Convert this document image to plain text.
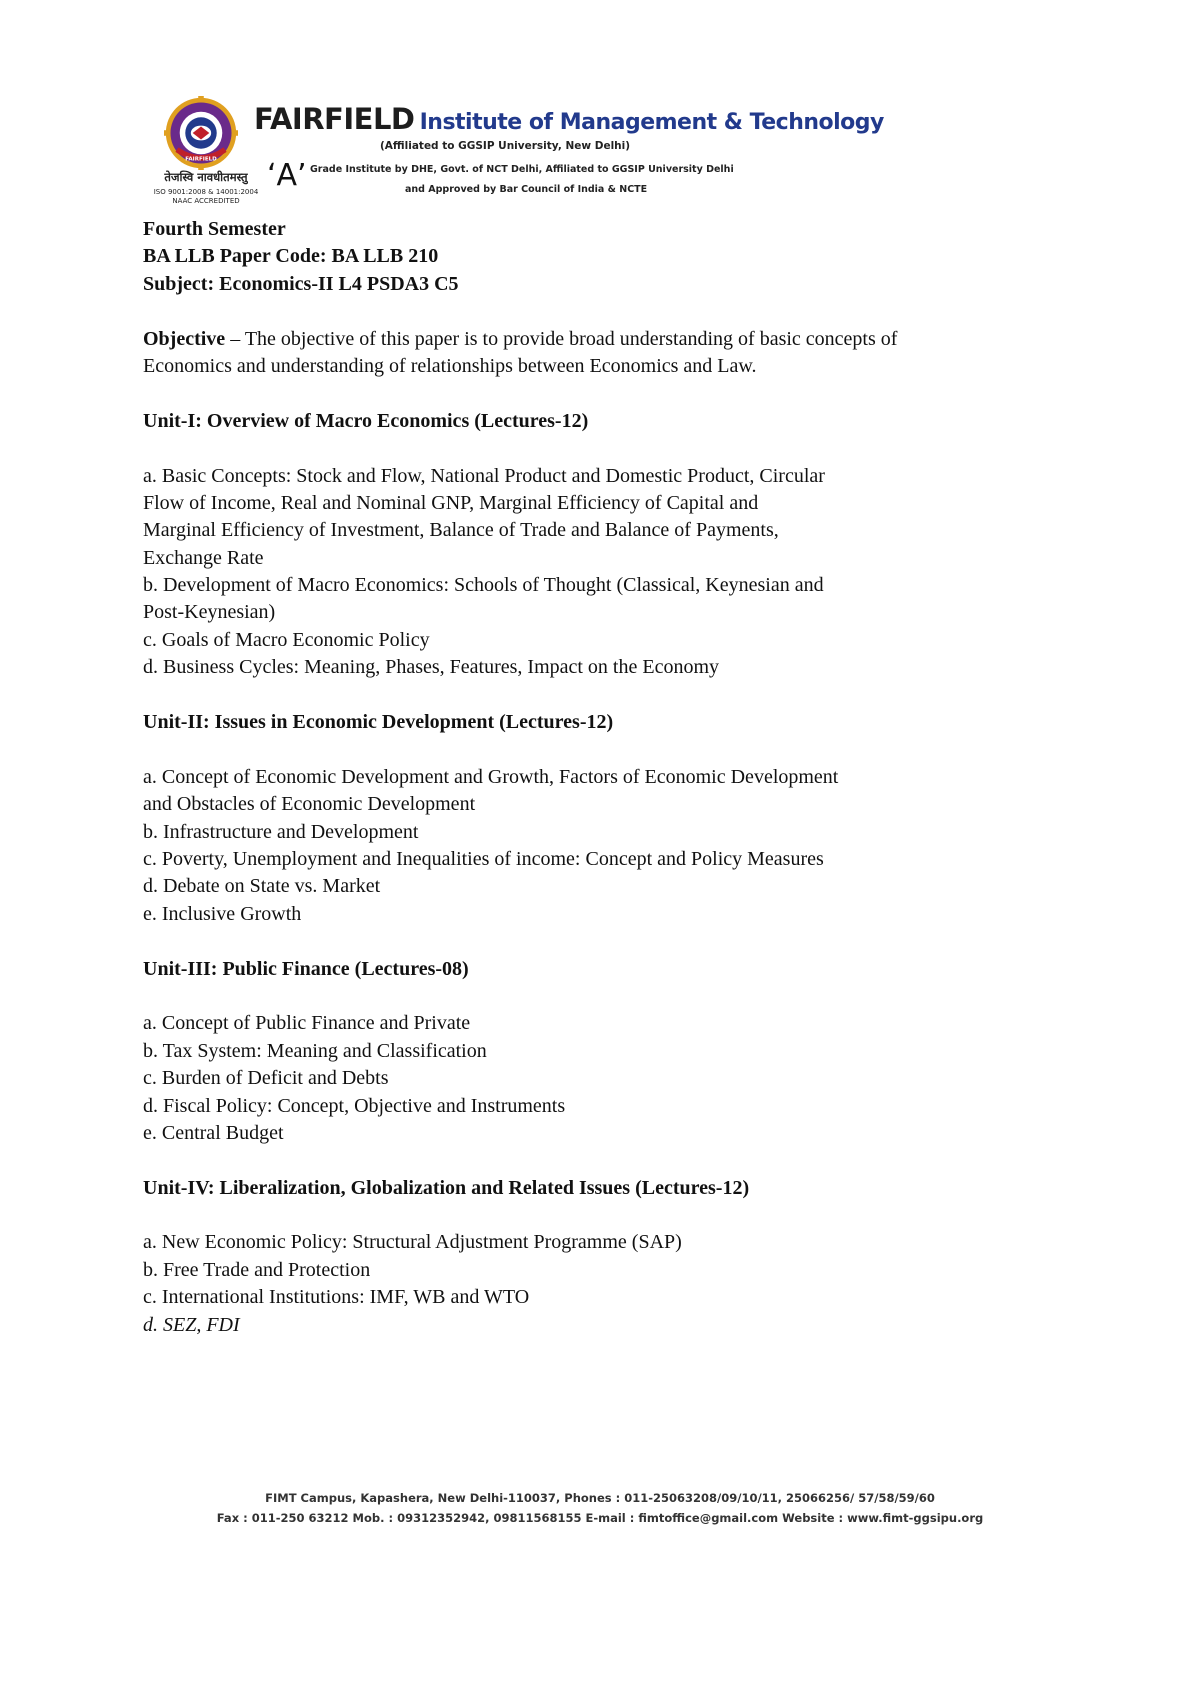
FAIRFIELD
तेजस्वि नावधीतमस्तु
ISO 9001:2008 & 14001:2004
NAAC ACCREDITED
FAIRFIELD Institute of Management & Technology
(Affiliated to GGSIP University, New Delhi)
‘A’ Grade Institute by DHE, Govt. of NCT Delhi, Affiliated to GGSIP University Delhi
and Approved by Bar Council of India & NCTE
Fourth Semester
BA LLB Paper Code: BA LLB 210
Subject: Economics-II L4 PSDA3 C5
Objective – The objective of this paper is to provide broad understanding of basic concepts of
Economics and understanding of relationships between Economics and Law.
Unit-I: Overview of Macro Economics (Lectures-12)
a. Basic Concepts: Stock and Flow, National Product and Domestic Product, Circular
Flow of Income, Real and Nominal GNP, Marginal Efficiency of Capital and
Marginal Efficiency of Investment, Balance of Trade and Balance of Payments,
Exchange Rate
b. Development of Macro Economics: Schools of Thought (Classical, Keynesian and
Post-Keynesian)
c. Goals of Macro Economic Policy
d. Business Cycles: Meaning, Phases, Features, Impact on the Economy
Unit-II: Issues in Economic Development (Lectures-12)
a. Concept of Economic Development and Growth, Factors of Economic Development
and Obstacles of Economic Development
b. Infrastructure and Development
c. Poverty, Unemployment and Inequalities of income: Concept and Policy Measures
d. Debate on State vs. Market
e. Inclusive Growth
Unit-III: Public Finance (Lectures-08)
a. Concept of Public Finance and Private
b. Tax System: Meaning and Classification
c. Burden of Deficit and Debts
d. Fiscal Policy: Concept, Objective and Instruments
e. Central Budget
Unit-IV: Liberalization, Globalization and Related Issues (Lectures-12)
a. New Economic Policy: Structural Adjustment Programme (SAP)
b. Free Trade and Protection
c. International Institutions: IMF, WB and WTO
d. SEZ, FDI
FIMT Campus, Kapashera, New Delhi-110037, Phones : 011-25063208/09/10/11, 25066256/ 57/58/59/60
Fax : 011-250 63212 Mob. : 09312352942, 09811568155 E-mail : fimtoffice@gmail.com Website : www.fimt-ggsipu.org
